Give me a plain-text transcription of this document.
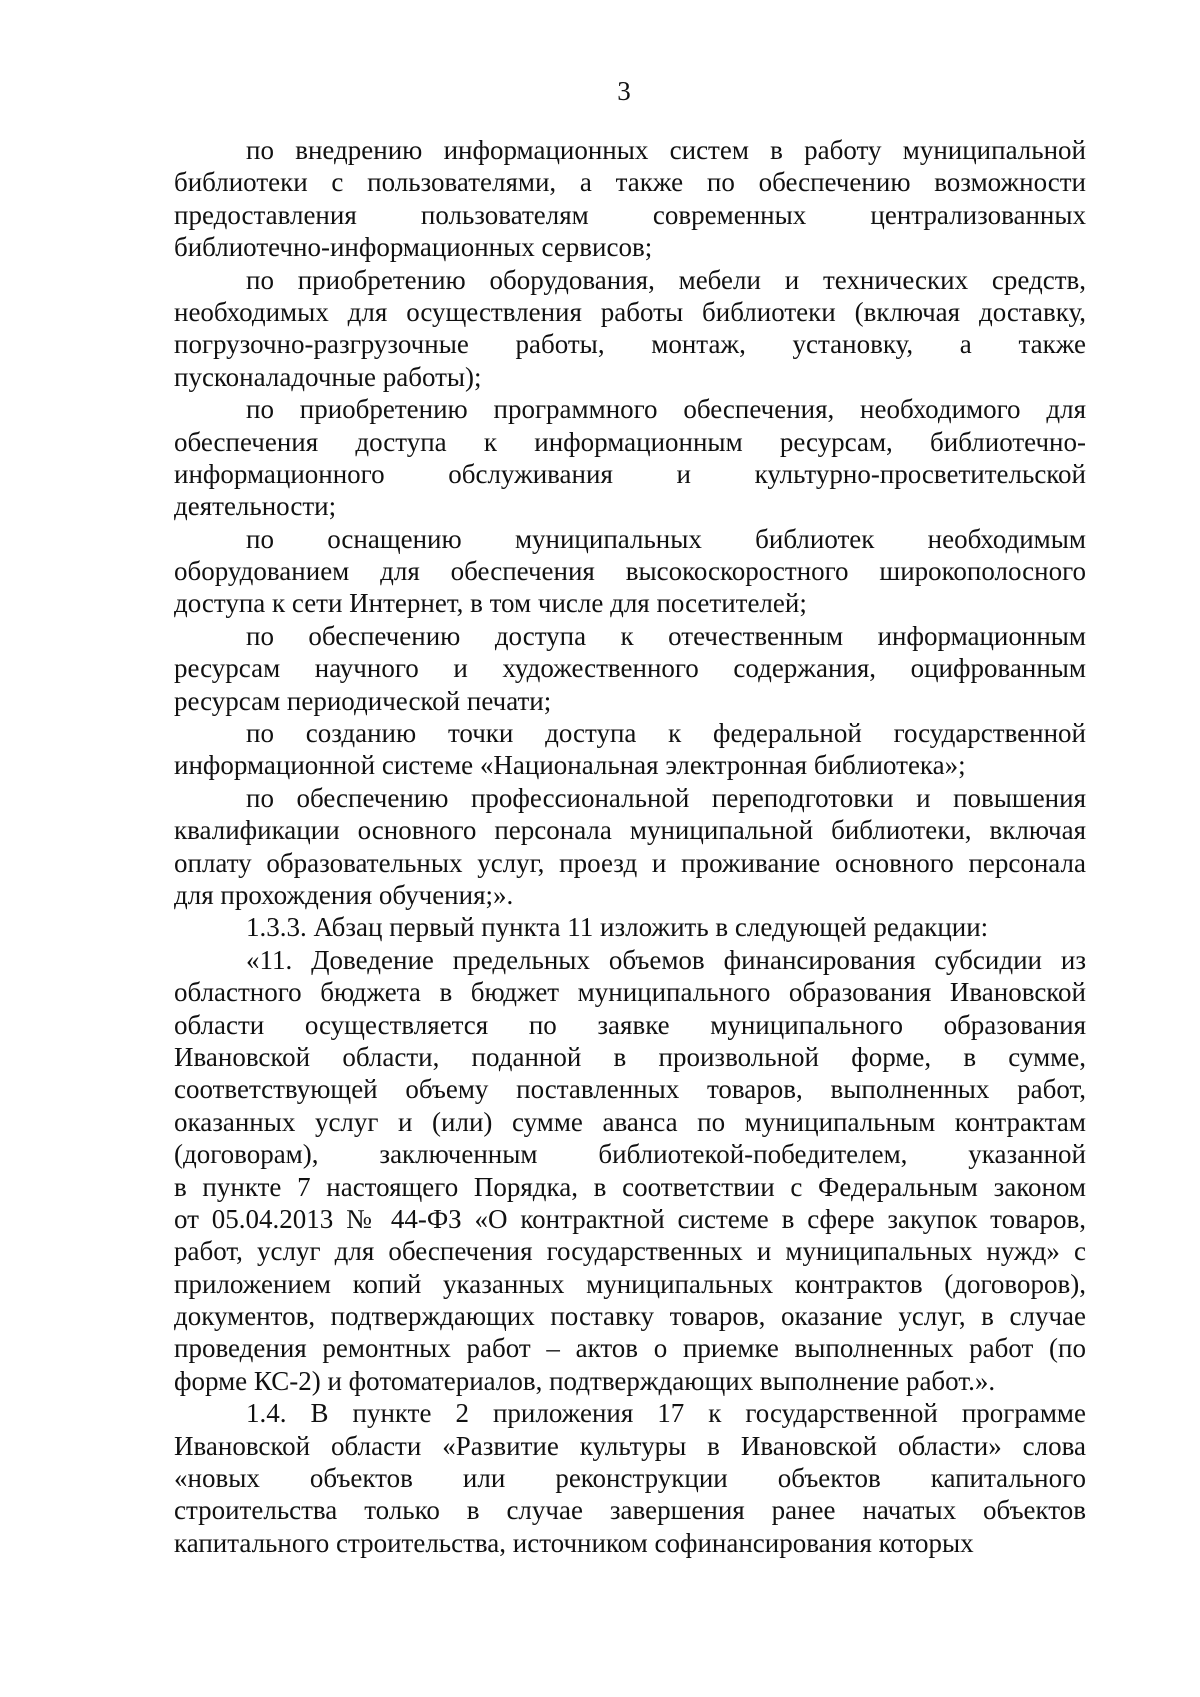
3
по внедрению информационных систем в работу муниципальной
библиотеки с пользователями, а также по обеспечению возможности
предоставления пользователям современных централизованных
библиотечно-информационных сервисов;
по приобретению оборудования, мебели и технических средств,
необходимых для осуществления работы библиотеки (включая доставку,
погрузочно-разгрузочные работы, монтаж, установку, а также
пусконаладочные работы);
по приобретению программного обеспечения, необходимого для
обеспечения доступа к информационным ресурсам, библиотечно-
информационного обслуживания и культурно-просветительской
деятельности;
по оснащению муниципальных библиотек необходимым
оборудованием для обеспечения высокоскоростного широкополосного
доступа к сети Интернет, в том числе для посетителей;
по обеспечению доступа к отечественным информационным
ресурсам научного и художественного содержания, оцифрованным
ресурсам периодической печати;
по созданию точки доступа к федеральной государственной
информационной системе «Национальная электронная библиотека»;
по обеспечению профессиональной переподготовки и повышения
квалификации основного персонала муниципальной библиотеки, включая
оплату образовательных услуг, проезд и проживание основного персонала
для прохождения обучения;».
1.3.3. Абзац первый пункта 11 изложить в следующей редакции:
«11. Доведение предельных объемов финансирования субсидии из
областного бюджета в бюджет муниципального образования Ивановской
области осуществляется по заявке муниципального образования
Ивановской области, поданной в произвольной форме, в сумме,
соответствующей объему поставленных товаров, выполненных работ,
оказанных услуг и (или) сумме аванса по муниципальным контрактам
(договорам), заключенным библиотекой-победителем, указанной
в пункте 7 настоящего Порядка, в соответствии с Федеральным законом
от 05.04.2013 № 44-ФЗ «О контрактной системе в сфере закупок товаров,
работ, услуг для обеспечения государственных и муниципальных нужд» с
приложением копий указанных муниципальных контрактов (договоров),
документов, подтверждающих поставку товаров, оказание услуг, в случае
проведения ремонтных работ – актов о приемке выполненных работ (по
форме КС-2) и фотоматериалов, подтверждающих выполнение работ.».
1.4. В пункте 2 приложения 17 к государственной программе
Ивановской области «Развитие культуры в Ивановской области» слова
«новых объектов или реконструкции объектов капитального
строительства только в случае завершения ранее начатых объектов
капитального строительства, источником софинансирования которых
